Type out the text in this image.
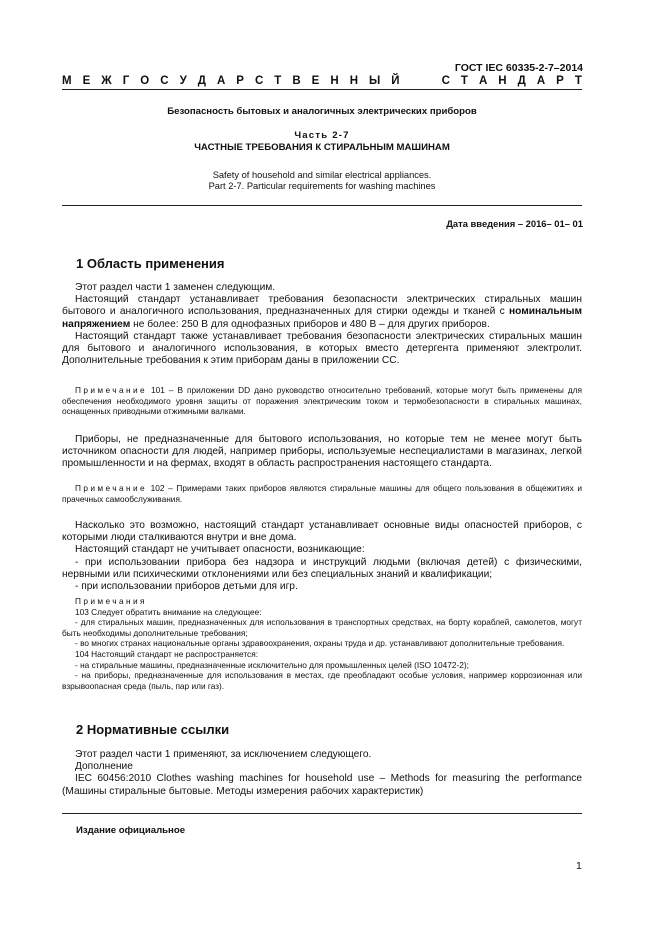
ГОСТ IEC 60335-2-7–2014
М Е Ж Г О С У Д А Р С Т В Е Н Н Ы Й	С Т А Н Д А Р Т
Безопасность бытовых и аналогичных электрических приборов
Часть 2-7
ЧАСТНЫЕ ТРЕБОВАНИЯ К СТИРАЛЬНЫМ МАШИНАМ
Safety of household and similar electrical appliances.
Part 2-7. Particular requirements for washing machines
Дата введения – 2016– 01– 01
1 Область применения

Этот раздел части 1 заменен следующим.

Настоящий стандарт устанавливает требования безопасности электрических стиральных машин бытового и аналогичного использования, предназначенных для стирки одежды и тканей с номинальным напряжением не более: 250 В для однофазных приборов и 480 В – для других приборов.

Настоящий стандарт также устанавливает требования безопасности электрических стиральных машин для бытового и аналогичного использования, в которых вместо детергента применяют электролит. Дополнительные требования к этим приборам даны в приложении СС.

Примечание 101 – В приложении DD дано руководство относительно требований, которые могут быть применены для обеспечения необходимого уровня защиты от поражения электрическим током и термобезопасности в стиральных машинах, оснащенных приводными отжимными валками.

Приборы, не предназначенные для бытового использования, но которые тем не менее могут быть источником опасности для людей, например приборы, используемые неспециалистами в магазинах, легкой промышленности и на фермах, входят в область распространения настоящего стандарта.

Примечание 102 – Примерами таких приборов являются стиральные машины для общего пользования в общежитиях и прачечных самообслуживания.

Насколько это возможно, настоящий стандарт устанавливает основные виды опасностей приборов, с которыми люди сталкиваются внутри и вне дома.

Настоящий стандарт не учитывает опасности, возникающие:

- при использовании прибора без надзора и инструкций людьми (включая детей) с физическими, нервными или психическими отклонениями или без специальных знаний и квалификации;

- при использовании приборов детьми для игр.

Примечания

103 Следует обратить внимание на следующее:

- для стиральных машин, предназначенных для использования в транспортных средствах, на борту кораблей, самолетов, могут быть необходимы дополнительные требования;

- во многих странах национальные органы здравоохранения, охраны труда и др. устанавливают дополнительные требования.

104 Настоящий стандарт не распространяется:

- на стиральные машины, предназначенные исключительно для промышленных целей (ISO 10472-2);

- на приборы, предназначенные для использования в местах, где преобладают особые условия, например коррозионная или взрывоопасная среда (пыль, пар или газ).

2 Нормативные ссылки

Этот раздел части 1 применяют, за исключением следующего.

Дополнение

IEC 60456:2010 Clothes washing machines for household use – Methods for measuring the performance (Машины стиральные бытовые. Методы измерения рабочих характеристик)

Издание официальное
1
